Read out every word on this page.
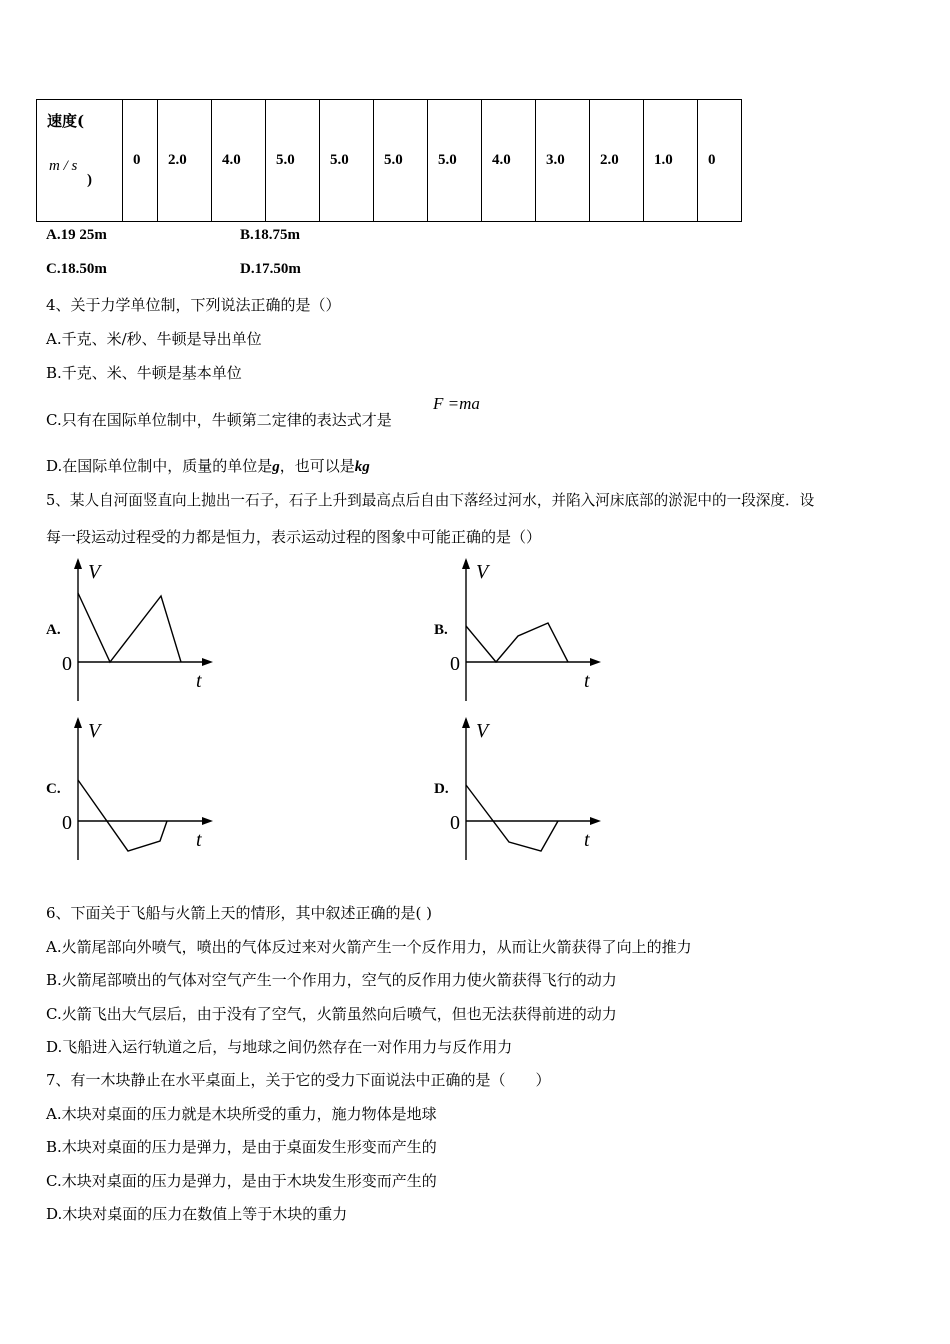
速度(
m / s
)
	0	2.0	4.0	5.0	5.0	5.0	5.0	4.0	3.0	2.0	1.0	0
A.19 25m	B.18.75m
C.18.50m	D.17.50m
4、关于力学单位制，下列说法正确的是（）
A.千克、米/秒、牛顿是导出单位
B.千克、米、牛顿是基本单位
C.只有在国际单位制中，牛顿第二定律的表达式才是
F =ma
D.在国际单位制中，质量的单位是g，也可以是kg
5、某人自河面竖直向上抛出一石子，石子上升到最高点后自由下落经过河水，并陷入河床底部的淤泥中的一段深度．设
每一段运动过程受的力都是恒力，表示运动过程的图象中可能正确的是（）
A.
V
t
0
B.
V
t
0
C.
V
t
0
D.
V
t
0
6、下面关于飞船与火箭上天的情形，其中叙述正确的是( )
A.火箭尾部向外喷气，喷出的气体反过来对火箭产生一个反作用力，从而让火箭获得了向上的推力
B.火箭尾部喷出的气体对空气产生一个作用力，空气的反作用力使火箭获得飞行的动力
C.火箭飞出大气层后，由于没有了空气，火箭虽然向后喷气，但也无法获得前进的动力
D.飞船进入运行轨道之后，与地球之间仍然存在一对作用力与反作用力
7、有一木块静止在水平桌面上，关于它的受力下面说法中正确的是（　　）
A.木块对桌面的压力就是木块所受的重力，施力物体是地球
B.木块对桌面的压力是弹力，是由于桌面发生形变而产生的
C.木块对桌面的压力是弹力，是由于木块发生形变而产生的
D.木块对桌面的压力在数值上等于木块的重力
